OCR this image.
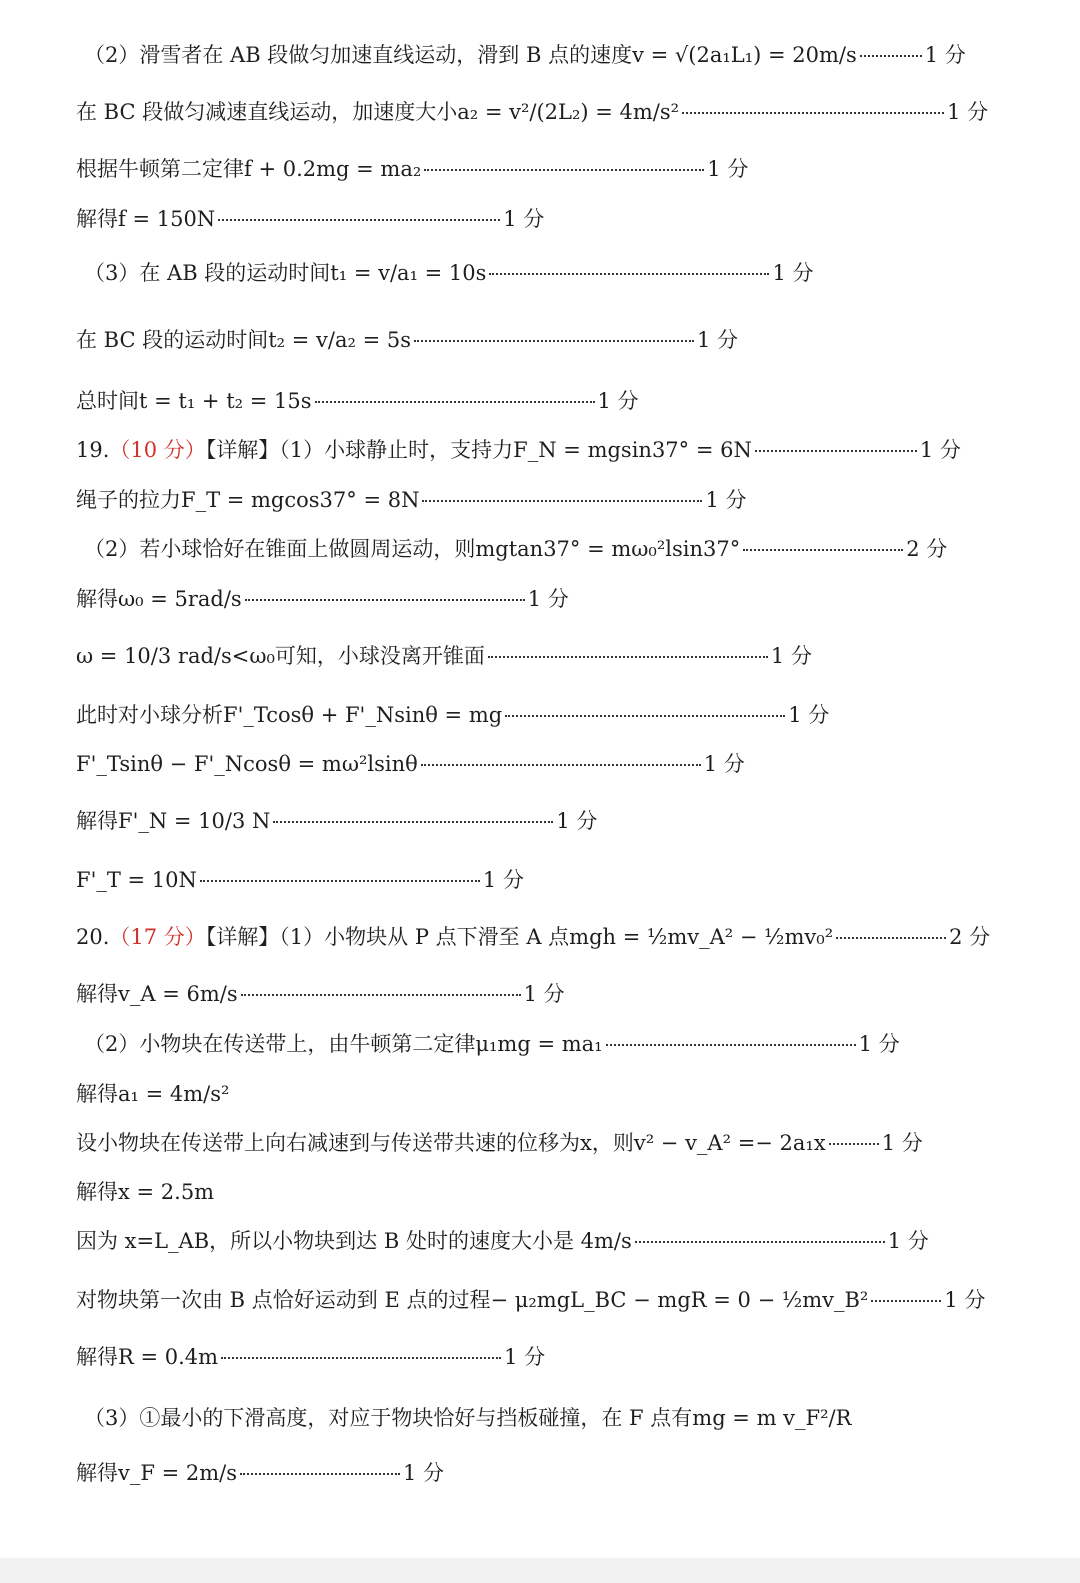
（2）滑雪者在 AB 段做匀加速直线运动，滑到 B 点的速度v = √(2a₁L₁) = 20m/s	1 分
在 BC 段做匀减速直线运动，加速度大小a₂ = v²/(2L₂) = 4m/s²	1 分
根据牛顿第二定律f + 0.2mg = ma₂	1 分
解得f = 150N	1 分
（3）在 AB 段的运动时间t₁ = v/a₁ = 10s	1 分
在 BC 段的运动时间t₂ = v/a₂ = 5s	1 分
总时间t = t₁ + t₂ = 15s	1 分
19.（10 分）【详解】（1）小球静止时，支持力F_N = mgsin37° = 6N	1 分
绳子的拉力F_T = mgcos37° = 8N	1 分
（2）若小球恰好在锥面上做圆周运动，则mgtan37° = mω₀²lsin37°	2 分
解得ω₀ = 5rad/s	1 分
ω = 10/3 rad/s<ω₀可知，小球没离开锥面	1 分
此时对小球分析F'_Tcosθ + F'_Nsinθ = mg	1 分
F'_Tsinθ − F'_Ncosθ = mω²lsinθ	1 分
解得F'_N = 10/3 N	1 分
F'_T = 10N	1 分
20.（17 分）【详解】（1）小物块从 P 点下滑至 A 点mgh = ½mv_A² − ½mv₀²	2 分
解得v_A = 6m/s	1 分
（2）小物块在传送带上，由牛顿第二定律μ₁mg = ma₁	1 分
解得a₁ = 4m/s²
设小物块在传送带上向右减速到与传送带共速的位移为x，则v² − v_A² =− 2a₁x	1 分
解得x = 2.5m
因为 x=L_AB，所以小物块到达 B 处时的速度大小是 4m/s	1 分
对物块第一次由 B 点恰好运动到 E 点的过程− μ₂mgL_BC − mgR = 0 − ½mv_B²	1 分
解得R = 0.4m	1 分
（3）①最小的下滑高度，对应于物块恰好与挡板碰撞，在 F 点有mg = m v_F²/R
解得v_F = 2m/s	1 分
